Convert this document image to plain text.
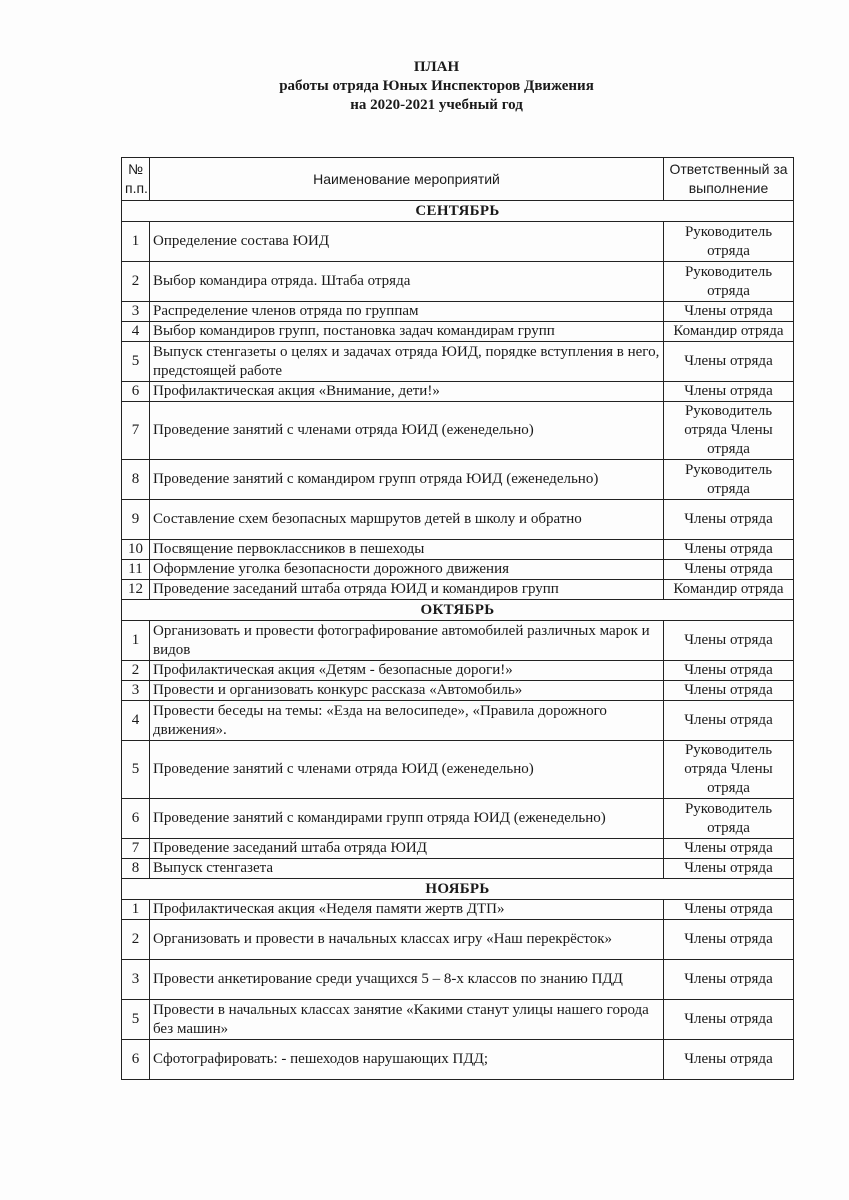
ПЛАН
работы отряда Юных Инспекторов Движения
на 2020-2021 учебный год
№ п.п.	Наименование мероприятий	Ответственный за выполнение
СЕНТЯБРЬ		
1	Определение состава ЮИД	Руководитель отряда
2	Выбор командира отряда. Штаба отряда	Руководитель отряда
3	Распределение членов отряда по группам	Члены отряда
4	Выбор командиров групп, постановка задач командирам групп	Командир отряда
5	Выпуск стенгазеты о целях и задачах отряда ЮИД, порядке вступления в него, предстоящей работе	Члены отряда
6	Профилактическая акция «Внимание, дети!»	Члены отряда
7	Проведение занятий с членами отряда ЮИД (еженедельно)	Руководитель отряда Члены отряда
8	Проведение занятий с командиром групп отряда ЮИД (еженедельно)	Руководитель отряда
9	Составление схем безопасных маршрутов детей в школу и обратно	Члены отряда
10	Посвящение первоклассников в пешеходы	Члены отряда
11	Оформление уголка безопасности дорожного движения	Члены отряда
12	Проведение заседаний штаба отряда ЮИД и командиров групп	Командир отряда
ОКТЯБРЬ		
1	Организовать и провести фотографирование автомобилей различных марок и видов	Члены отряда
2	Профилактическая акция «Детям - безопасные дороги!»	Члены отряда
3	Провести и организовать конкурс рассказа «Автомобиль»	Члены отряда
4	Провести беседы на темы: «Езда на велосипеде», «Правила дорожного движения».	Члены отряда
5	Проведение занятий с членами отряда ЮИД (еженедельно)	Руководитель отряда Члены отряда
6	Проведение занятий с командирами групп отряда ЮИД (еженедельно)	Руководитель отряда
7	Проведение заседаний штаба отряда ЮИД	Члены отряда
8	Выпуск стенгазета	Члены отряда
НОЯБРЬ		
1	Профилактическая акция «Неделя памяти жертв ДТП»	Члены отряда
2	Организовать и провести в начальных классах игру «Наш перекрёсток»	Члены отряда
3	Провести анкетирование среди учащихся 5 – 8-х классов по знанию ПДД	Члены отряда
5	Провести в начальных классах занятие «Какими станут улицы нашего города без машин»	Члены отряда
6	Сфотографировать: - пешеходов нарушающих ПДД;	Члены отряда
